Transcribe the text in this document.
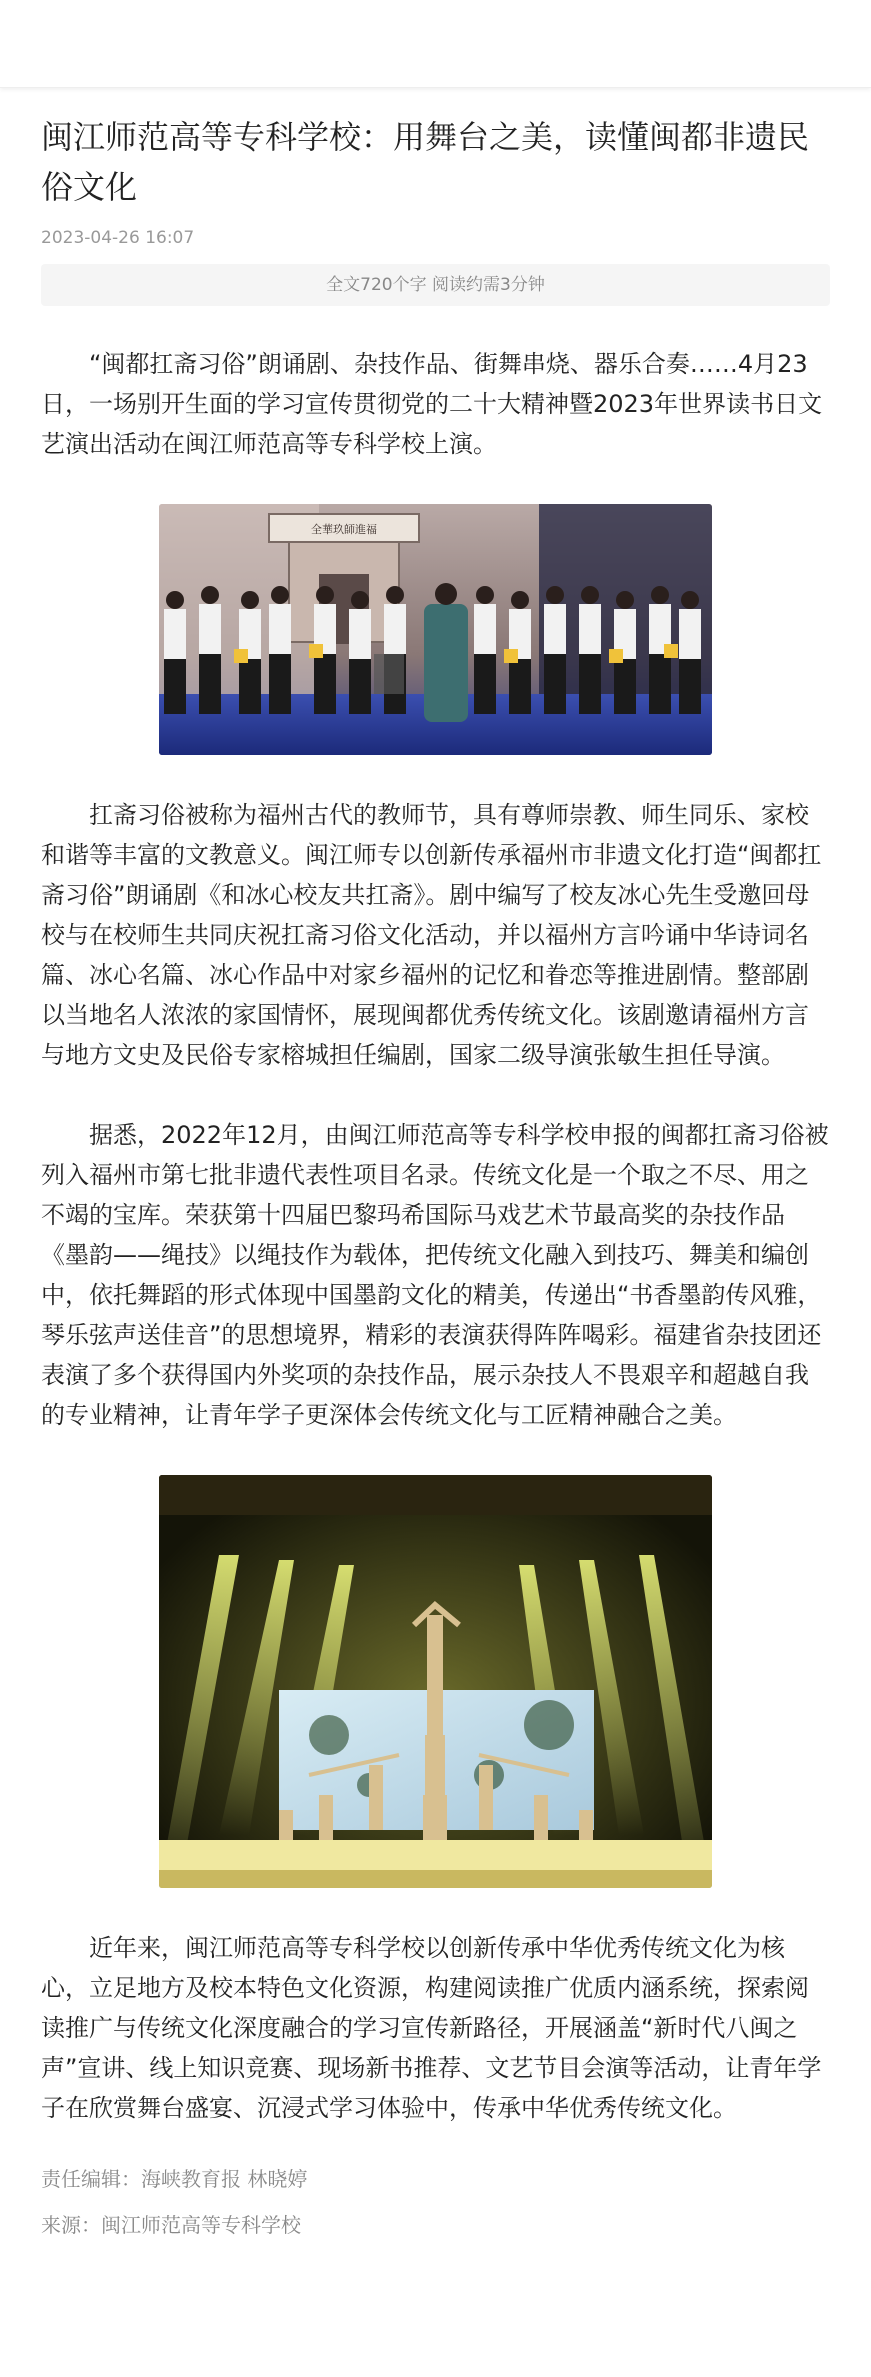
闽江师范高等专科学校：用舞台之美，读懂闽都非遗民俗文化
2023-04-26 16:07
全文720个字 阅读约需3分钟

“闽都扛斋习俗”朗诵剧、杂技作品、街舞串烧、器乐合奏……4月23日，一场别开生面的学习宣传贯彻党的二十大精神暨2023年世界读书日文艺演出活动在闽江师范高等专科学校上演。

全華玖師進福

扛斋习俗被称为福州古代的教师节，具有尊师崇教、师生同乐、家校和谐等丰富的文教意义。闽江师专以创新传承福州市非遗文化打造“闽都扛斋习俗”朗诵剧《和冰心校友共扛斋》。剧中编写了校友冰心先生受邀回母校与在校师生共同庆祝扛斋习俗文化活动，并以福州方言吟诵中华诗词名篇、冰心名篇、冰心作品中对家乡福州的记忆和眷恋等推进剧情。整部剧以当地名人浓浓的家国情怀，展现闽都优秀传统文化。该剧邀请福州方言与地方文史及民俗专家榕城担任编剧，国家二级导演张敏生担任导演。

据悉，2022年12月，由闽江师范高等专科学校申报的闽都扛斋习俗被列入福州市第七批非遗代表性项目名录。传统文化是一个取之不尽、用之不竭的宝库。荣获第十四届巴黎玛希国际马戏艺术节最高奖的杂技作品《墨韵——绳技》以绳技作为载体，把传统文化融入到技巧、舞美和编创中，依托舞蹈的形式体现中国墨韵文化的精美，传递出“书香墨韵传风雅，琴乐弦声送佳音”的思想境界，精彩的表演获得阵阵喝彩。福建省杂技团还表演了多个获得国内外奖项的杂技作品，展示杂技人不畏艰辛和超越自我的专业精神，让青年学子更深体会传统文化与工匠精神融合之美。

近年来，闽江师范高等专科学校以创新传承中华优秀传统文化为核心，立足地方及校本特色文化资源，构建阅读推广优质内涵系统，探索阅读推广与传统文化深度融合的学习宣传新路径，开展涵盖“新时代八闽之声”宣讲、线上知识竞赛、现场新书推荐、文艺节目会演等活动，让青年学子在欣赏舞台盛宴、沉浸式学习体验中，传承中华优秀传统文化。

责任编辑：海峡教育报 林晓婷
来源：闽江师范高等专科学校
